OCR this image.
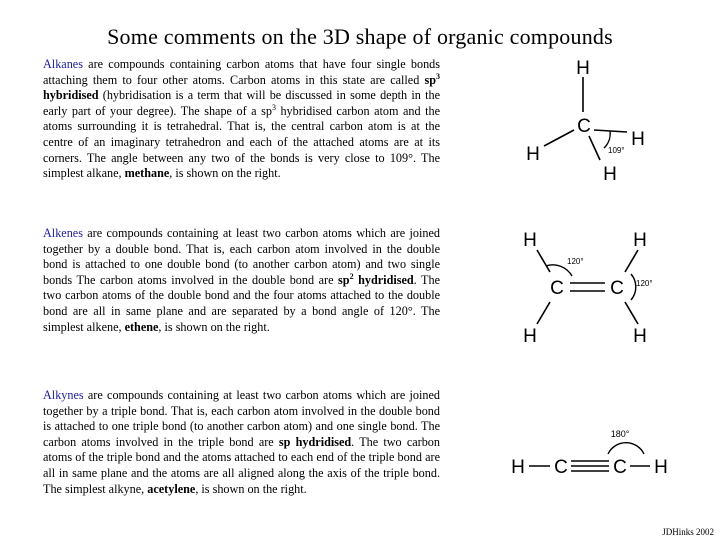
Some comments on the 3D shape of organic compounds
Alkanes are compounds containing carbon atoms that have four single bonds attaching them to four other atoms. Carbon atoms in this state are called $sp^3$ hybridised (hybridisation is a term that will be discussed in some depth in the early part of your degree). The shape of a $sp^3$ hybridised carbon atom and the atoms surrounding it is tetrahedral. That is, the central carbon atom is at the centre of an imaginary tetrahedron and each of the attached atoms are at its corners. The angle between any two of the bonds is very close to 109°. The simplest alkane, methane, is shown on the right.
Alkenes are compounds containing at least two carbon atoms which are joined together by a double bond. That is, each carbon atom involved in the double bond is attached to one double bond (to another carbon atom) and two single bonds The carbon atoms involved in the double bond are $sp^2$ hydridised. The two carbon atoms of the double bond and the four atoms attached to the double bond are all in same plane and are separated by a bond angle of 120°. The simplest alkene, ethene, is shown on the right.
Alkynes are compounds containing at least two carbon atoms which are joined together by a triple bond. That is, each carbon atom involved in the double bond is attached to one triple bond (to another carbon atom) and one single bond. The carbon atoms involved in the triple bond are sp hydridised. The two carbon atoms of the triple bond and the atoms attached to each end of the triple bond are all in same plane and the atoms are all aligned along the axis of the triple bond. The simplest alkyne, acetylene, is shown on the right.
H
C
H
H
H
109°
H	H
C C
H	H
120°
120°
180°
H C C H
JDHinks 2002
